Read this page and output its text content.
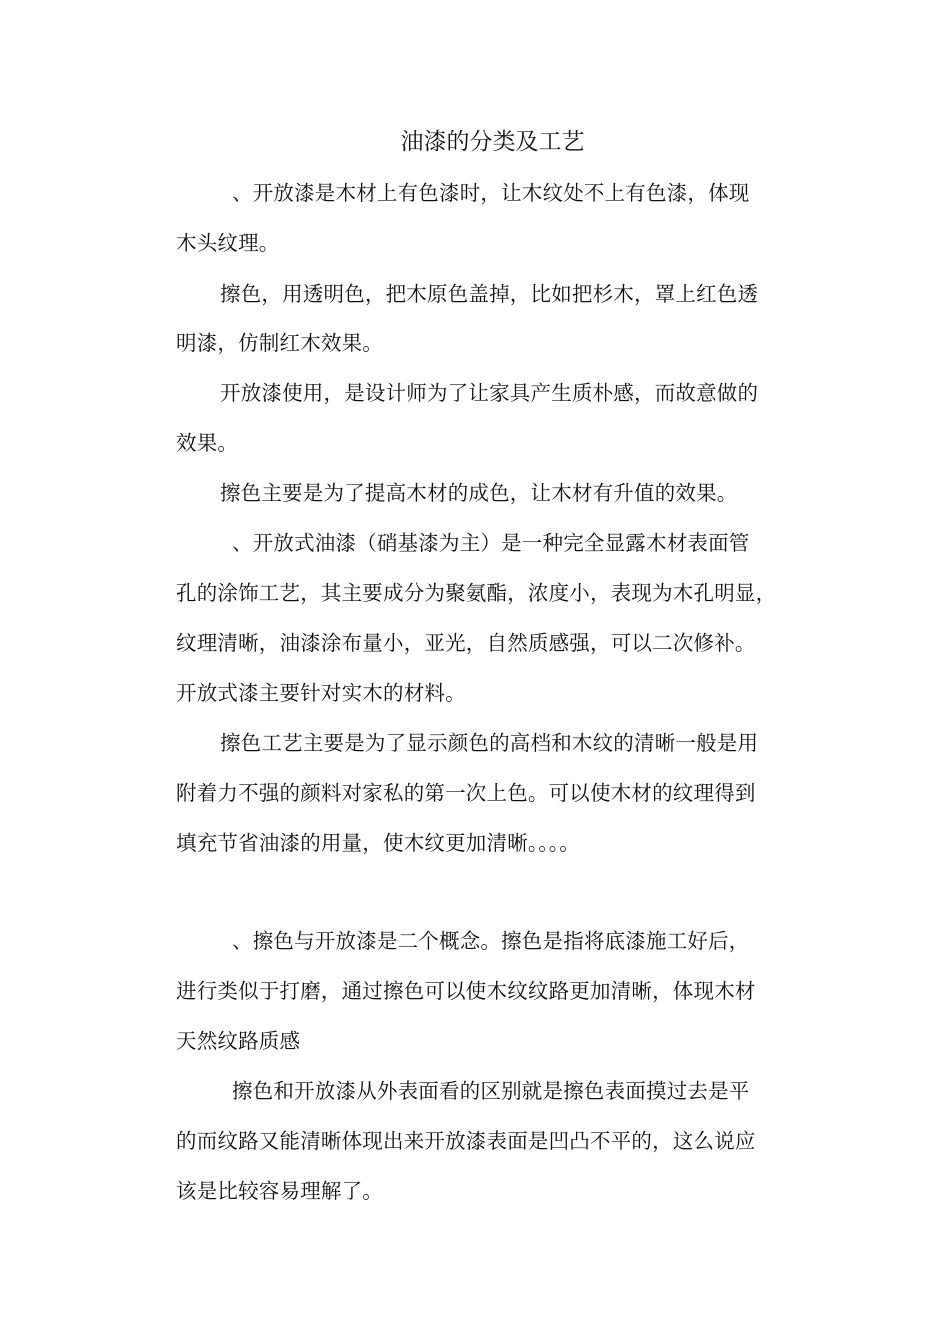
油漆的分类及工艺
、开放漆是木材上有色漆时，让木纹处不上有色漆，体现
木头纹理。
擦色，用透明色，把木原色盖掉，比如把杉木，罩上红色透
明漆，仿制红木效果。
开放漆使用，是设计师为了让家具产生质朴感，而故意做的
效果。
擦色主要是为了提高木材的成色，让木材有升值的效果。
、开放式油漆（硝基漆为主）是一种完全显露木材表面管
孔的涂饰工艺，其主要成分为聚氨酯，浓度小，表现为木孔明显，
纹理清晰，油漆涂布量小，亚光，自然质感强，可以二次修补。
开放式漆主要针对实木的材料。
擦色工艺主要是为了显示颜色的高档和木纹的清晰一般是用
附着力不强的颜料对家私的第一次上色。可以使木材的纹理得到
填充节省油漆的用量，使木纹更加清晰。。。。
、擦色与开放漆是二个概念。擦色是指将底漆施工好后，
进行类似于打磨，通过擦色可以使木纹纹路更加清晰，体现木材
天然纹路质感
擦色和开放漆从外表面看的区别就是擦色表面摸过去是平
的而纹路又能清晰体现出来开放漆表面是凹凸不平的，这么说应
该是比较容易理解了。
